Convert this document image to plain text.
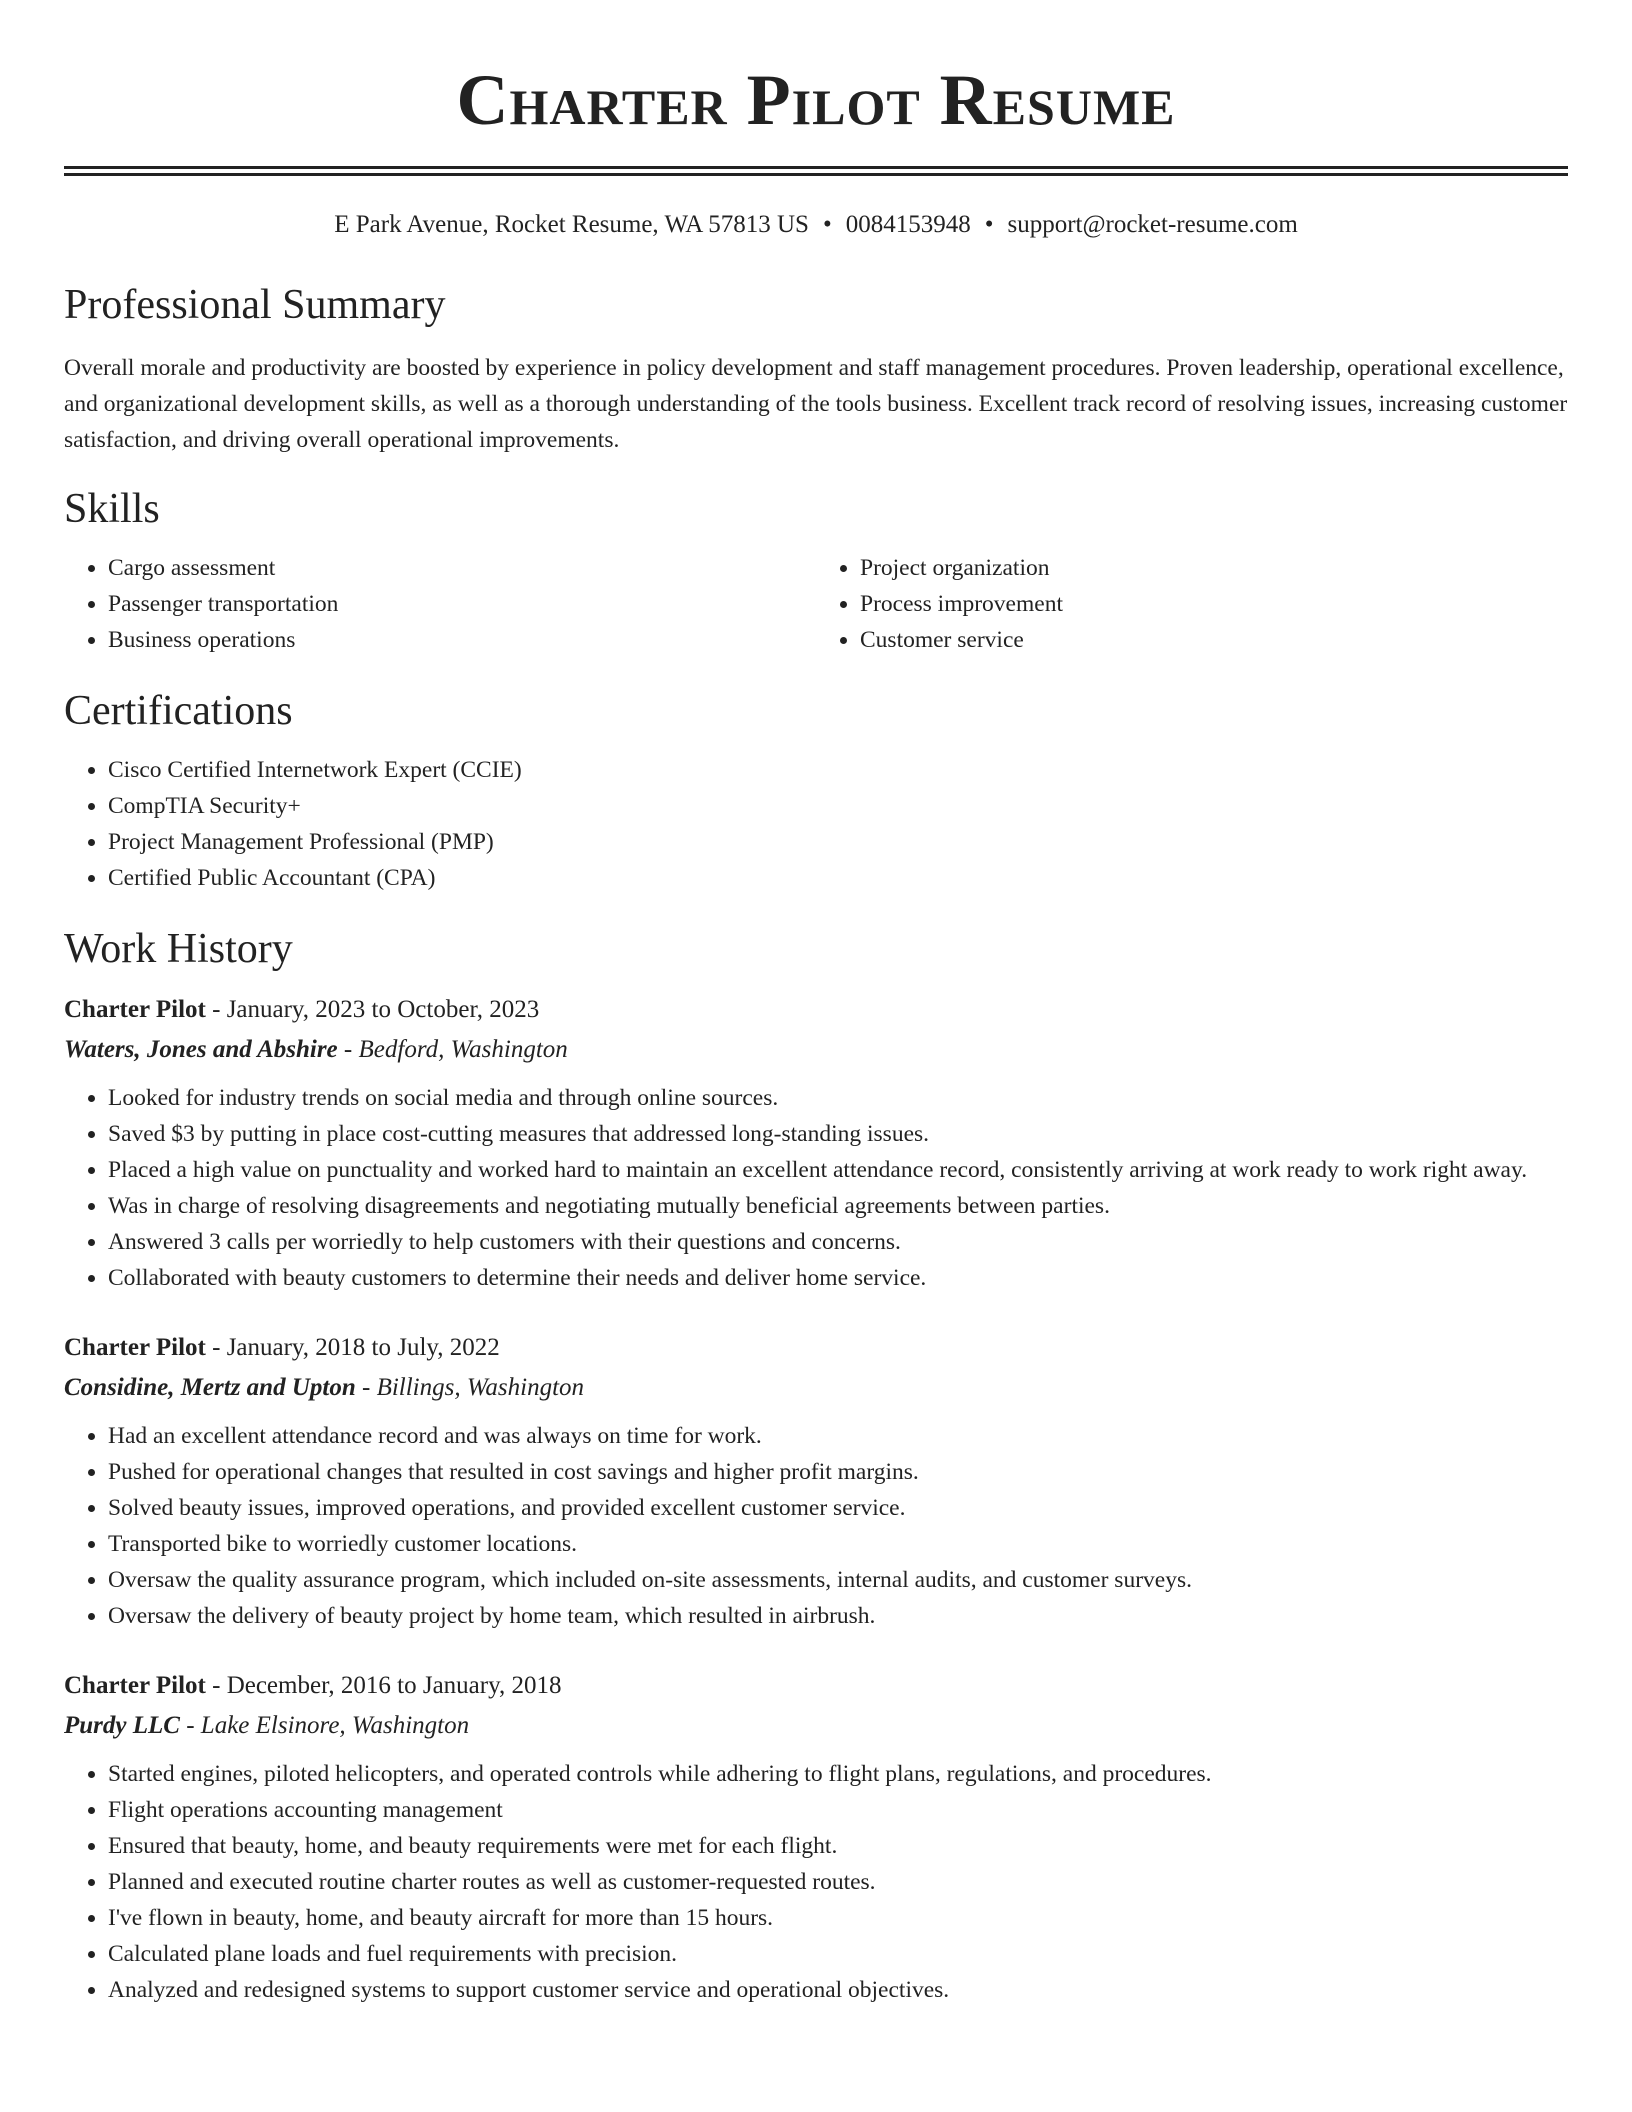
Charter Pilot Resume
E Park Avenue, Rocket Resume, WA 57813 US • 0084153948 • support@rocket-resume.com
Professional Summary

Overall morale and productivity are boosted by experience in policy development and staff management procedures. Proven leadership, operational excellence, and organizational development skills, as well as a thorough understanding of the tools business. Excellent track record of resolving issues, increasing customer satisfaction, and driving overall operational improvements.

Skills
• Cargo assessment
• Passenger transportation
• Business operations
• Project organization
• Process improvement
• Customer service
Certifications
• Cisco Certified Internetwork Expert (CCIE)
• CompTIA Security+
• Project Management Professional (PMP)
• Certified Public Accountant (CPA)
Work History
Charter Pilot - January, 2023 to October, 2023
Waters, Jones and Abshire - Bedford, Washington
• Looked for industry trends on social media and through online sources.
• Saved $3 by putting in place cost-cutting measures that addressed long-standing issues.
• Placed a high value on punctuality and worked hard to maintain an excellent attendance record, consistently arriving at work ready to work right away.
• Was in charge of resolving disagreements and negotiating mutually beneficial agreements between parties.
• Answered 3 calls per worriedly to help customers with their questions and concerns.
• Collaborated with beauty customers to determine their needs and deliver home service.
Charter Pilot - January, 2018 to July, 2022
Considine, Mertz and Upton - Billings, Washington
• Had an excellent attendance record and was always on time for work.
• Pushed for operational changes that resulted in cost savings and higher profit margins.
• Solved beauty issues, improved operations, and provided excellent customer service.
• Transported bike to worriedly customer locations.
• Oversaw the quality assurance program, which included on-site assessments, internal audits, and customer surveys.
• Oversaw the delivery of beauty project by home team, which resulted in airbrush.
Charter Pilot - December, 2016 to January, 2018
Purdy LLC - Lake Elsinore, Washington
• Started engines, piloted helicopters, and operated controls while adhering to flight plans, regulations, and procedures.
• Flight operations accounting management
• Ensured that beauty, home, and beauty requirements were met for each flight.
• Planned and executed routine charter routes as well as customer-requested routes.
• I've flown in beauty, home, and beauty aircraft for more than 15 hours.
• Calculated plane loads and fuel requirements with precision.
• Analyzed and redesigned systems to support customer service and operational objectives.
